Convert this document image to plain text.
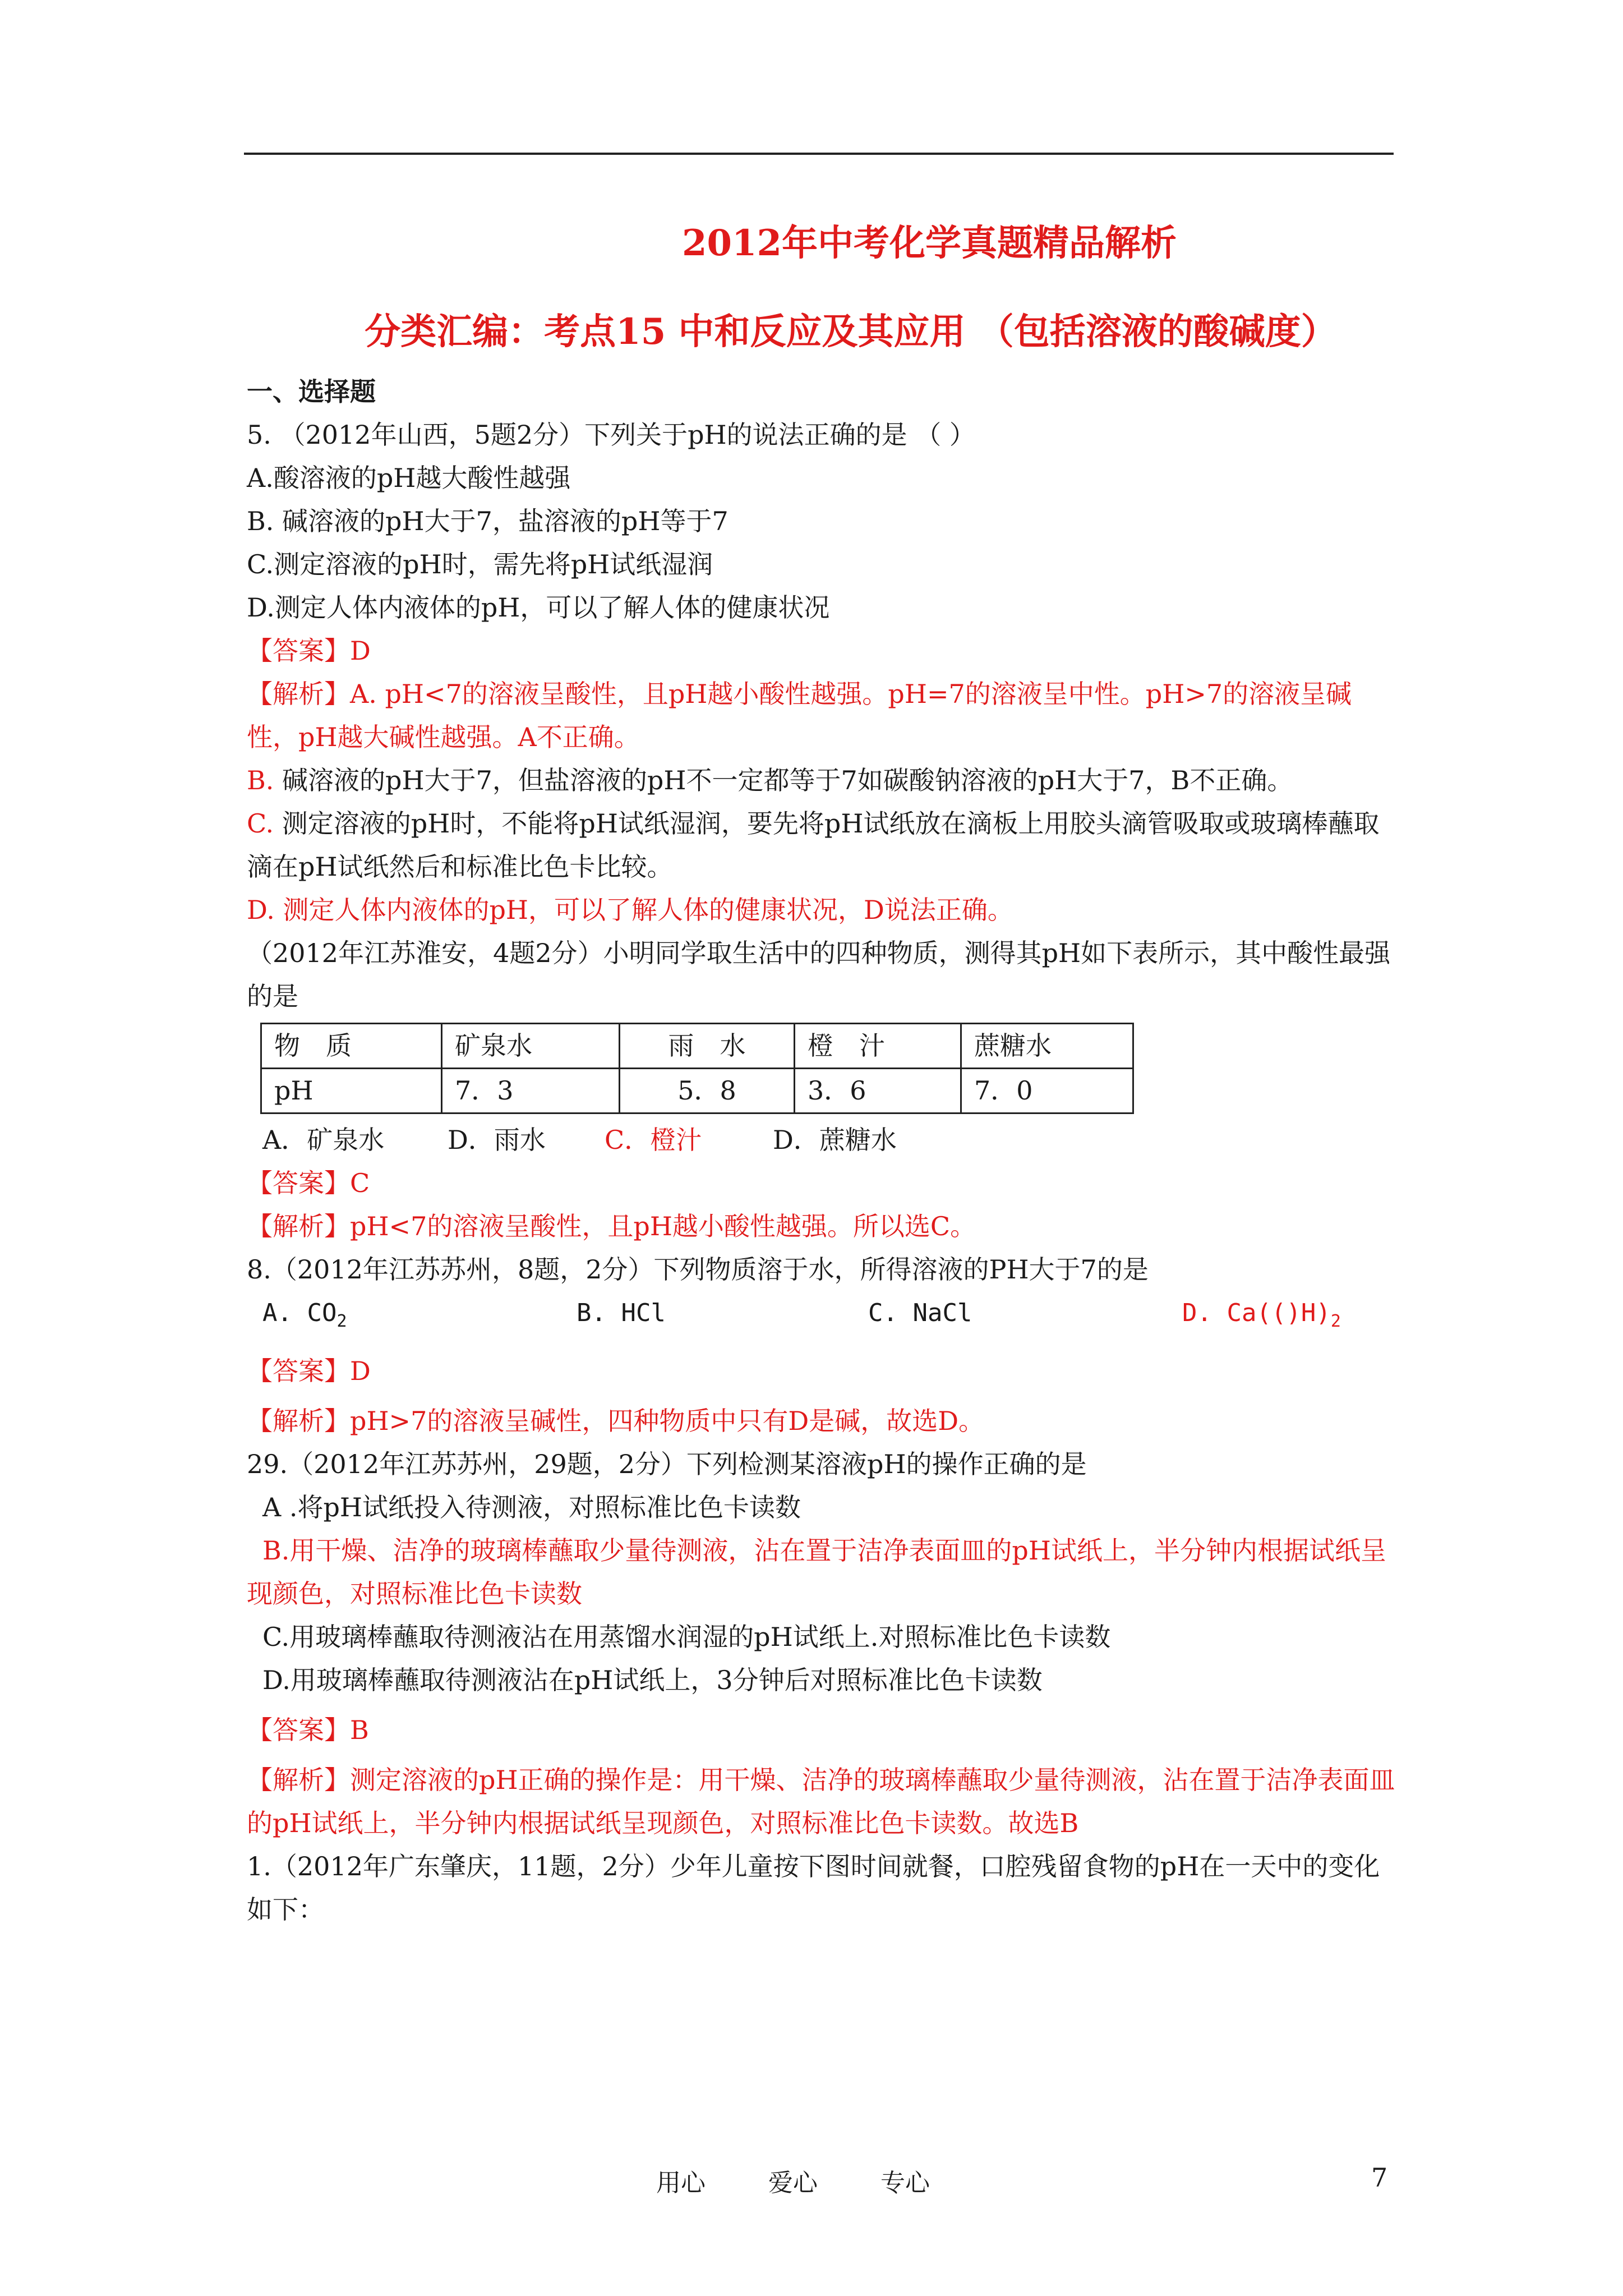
2012年中考化学真题精品解析
分类汇编：考点15 中和反应及其应用 （包括溶液的酸碱度）

一、选择题

5. （2012年山西，5题2分）下列关于pH的说法正确的是 （ ）

A.酸溶液的pH越大酸性越强

B. 碱溶液的pH大于7，盐溶液的pH等于7

C.测定溶液的pH时，需先将pH试纸湿润

D.测定人体内液体的pH，可以了解人体的健康状况

【答案】D

【解析】A. pH<7的溶液呈酸性，且pH越小酸性越强。pH=7的溶液呈中性。pH>7的溶液呈碱性，pH越大碱性越强。A不正确。

B. 碱溶液的pH大于7，但盐溶液的pH不一定都等于7如碳酸钠溶液的pH大于7，B不正确。

C. 测定溶液的pH时，不能将pH试纸湿润，要先将pH试纸放在滴板上用胶头滴管吸取或玻璃棒蘸取滴在pH试纸然后和标准比色卡比较。

D. 测定人体内液体的pH，可以了解人体的健康状况，D说法正确。

（2012年江苏淮安，4题2分）小明同学取生活中的四种物质，测得其pH如下表所示，其中酸性最强的是

物　质	矿泉水	雨　水	橙　汁	蔗糖水
pH	7．3	5．8	3．6	7．0

A．矿泉水 D．雨水 C．橙汁	D．蔗糖水

【答案】C

【解析】pH<7的溶液呈酸性，且pH越小酸性越强。所以选C。

8.（2012年江苏苏州，8题，2分）下列物质溶于水，所得溶液的PH大于7的是

A. $CO_2$	B. HCl	C. NaCl	D. $Ca(()H)_2$

【答案】D

【解析】pH>7的溶液呈碱性，四种物质中只有D是碱，故选D。

29.（2012年江苏苏州，29题，2分）下列检测某溶液pH的操作正确的是

A .将pH试纸投入待测液，对照标准比色卡读数

B.用干燥、洁净的玻璃棒蘸取少量待测液，沾在置于洁净表面皿的pH试纸上，半分钟内根据试纸呈现颜色，对照标准比色卡读数

C.用玻璃棒蘸取待测液沾在用蒸馏水润湿的pH试纸上.对照标准比色卡读数

D.用玻璃棒蘸取待测液沾在pH试纸上，3分钟后对照标准比色卡读数

【答案】B

【解析】测定溶液的pH正确的操作是：用干燥、洁净的玻璃棒蘸取少量待测液，沾在置于洁净表面皿的pH试纸上，半分钟内根据试纸呈现颜色，对照标准比色卡读数。故选B

1.（2012年广东肇庆，11题，2分）少年儿童按下图时间就餐，口腔残留食物的pH在一天中的变化如下：

用心	爱心	专心	7
